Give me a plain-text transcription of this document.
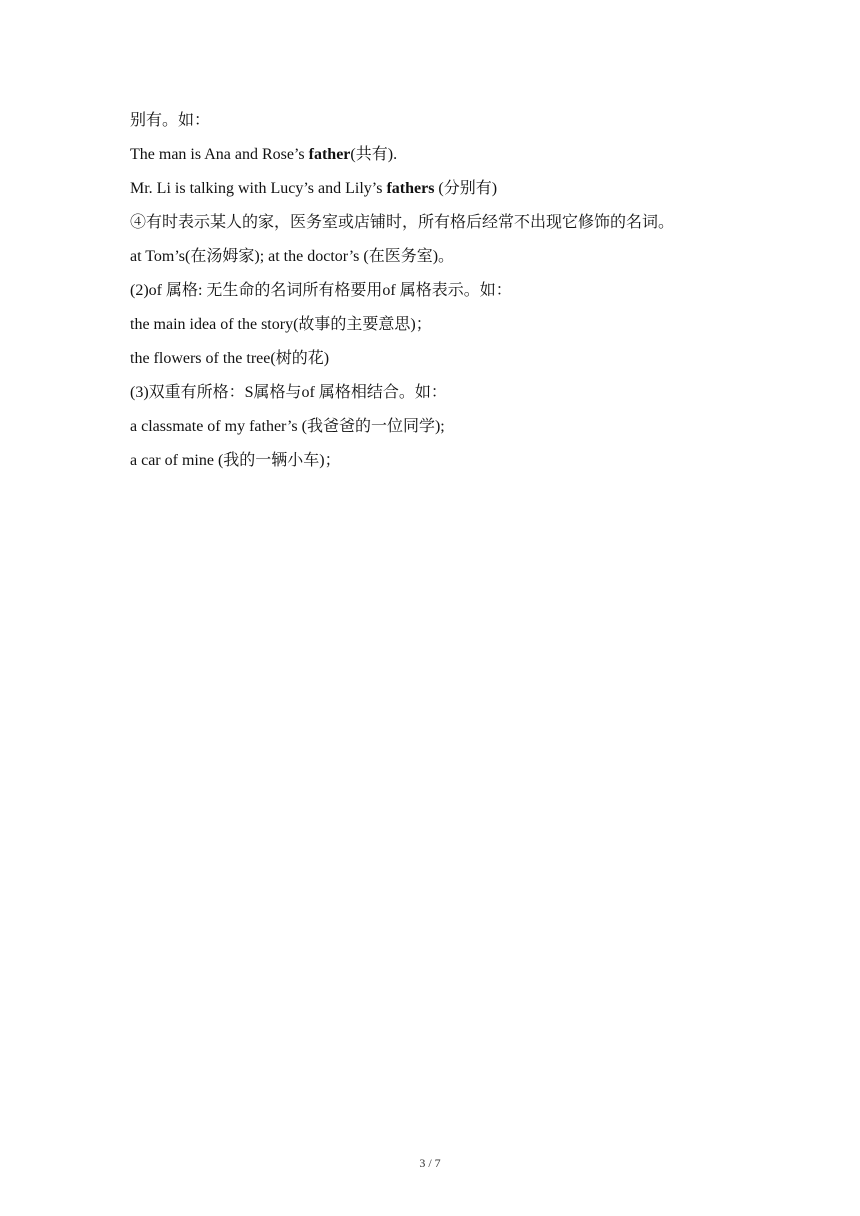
别有。如：
The man is Ana and Rose’s father(共有).
Mr. Li is talking with Lucy’s and Lily’s fathers (分别有)
④有时表示某人的家，医务室或店铺时，所有格后经常不出现它修饰的名词。
at Tom’s(在汤姆家); at the doctor’s (在医务室)。
(2)of 属格: 无生命的名词所有格要用of 属格表示。如：
the main idea of the story(故事的主要意思)；
the flowers of the tree(树的花)
(3)双重有所格：S属格与of 属格相结合。如：
a classmate of my father’s (我爸爸的一位同学);
a car of mine (我的一辆小车)；
3 / 7
